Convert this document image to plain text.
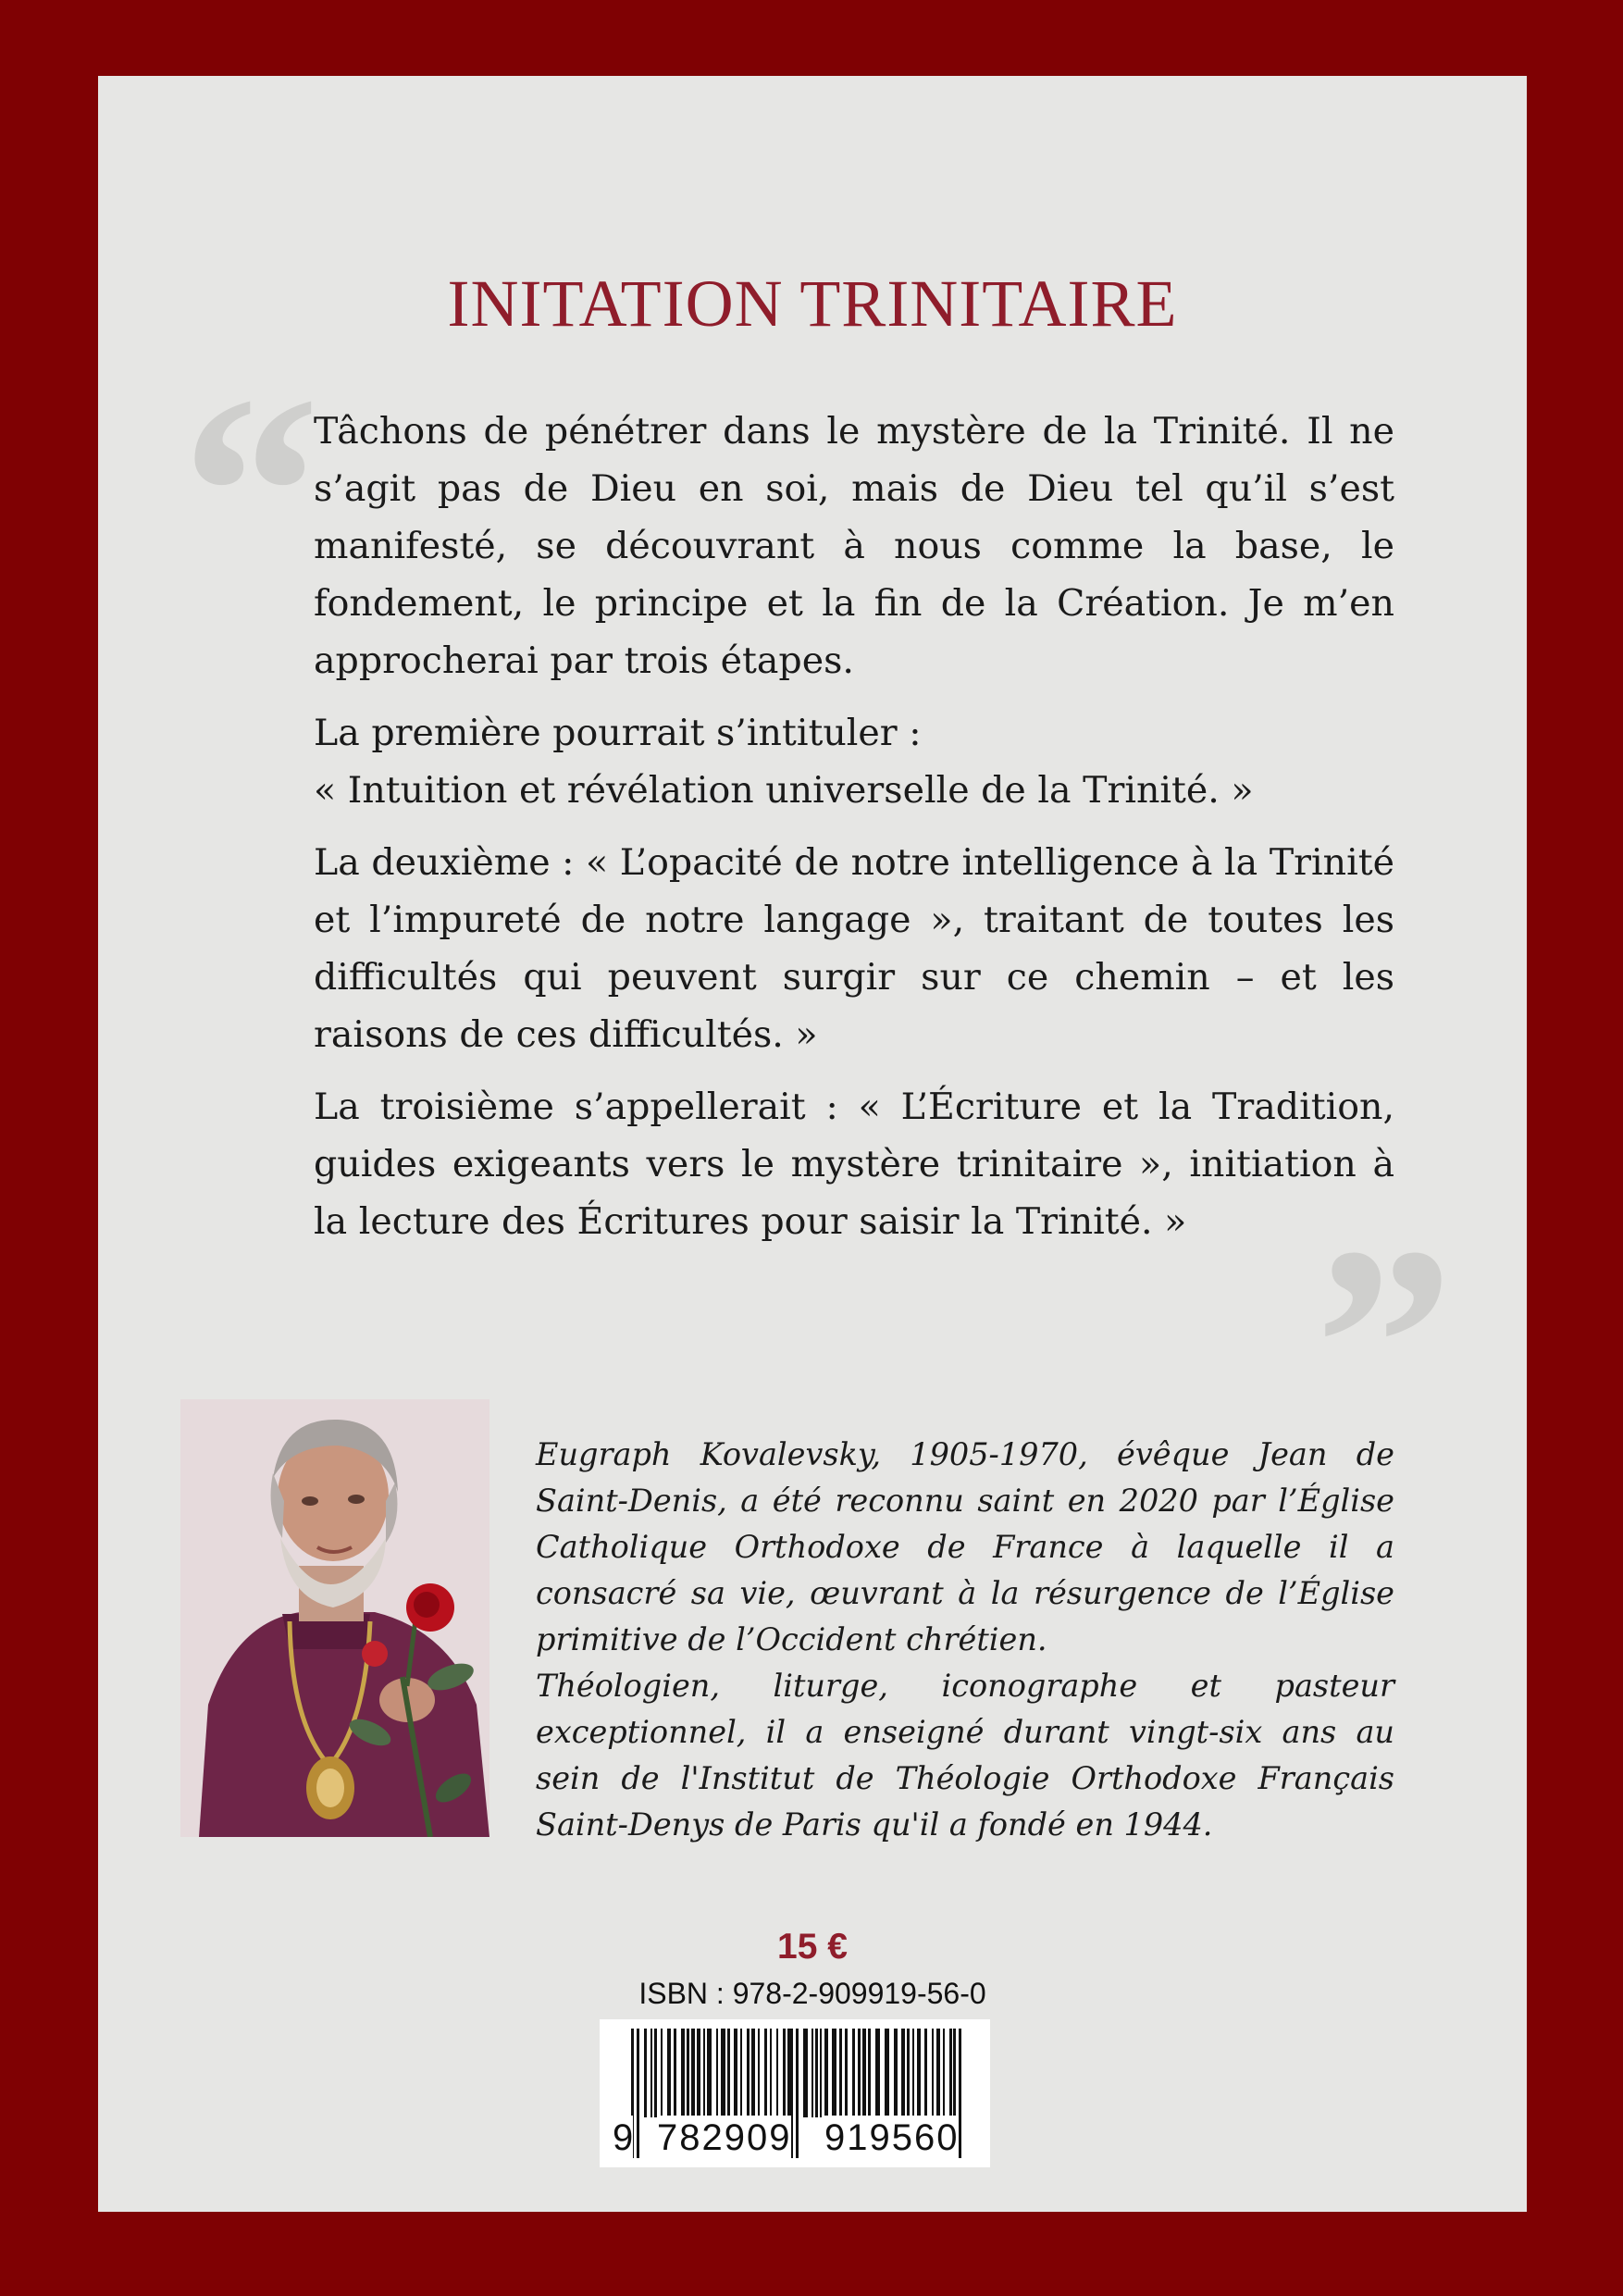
INITATION TRINITAIRE
“

Tâchons de pénétrer dans le mystère de la Trinité. Il ne s’agit pas de Dieu en soi, mais de Dieu tel qu’il s’est manifesté, se découvrant à nous comme la base, le fondement, le principe et la fin de la Création. Je m’en approcherai par trois étapes.

La première pourrait s’intituler :

« Intuition et révélation universelle de la Trinité. »

La deuxième : « L’opacité de notre intelligence à la Trinité et l’impureté de notre langage », traitant de toutes les difficultés qui peuvent surgir sur ce chemin – et les raisons de ces difficultés. »

La troisième s’appellerait : « L’Écriture et la Tradition, guides exigeants vers le mystère trinitaire », initiation à la lecture des Écritures pour saisir la Trinité. » ”

Eugraph Kovalevsky, 1905-1970, évêque Jean de Saint-Denis, a été reconnu saint en 2020 par l’Église Catholique Orthodoxe de France à laquelle il a consacré sa vie, œuvrant à la résurgence de l’Église primitive de l’Occident chrétien.

Théologien, liturge, iconographe et pasteur exceptionnel, il a enseigné durant vingt-six ans au sein de l'Institut de Théologie Orthodoxe Français Saint-Denys de Paris qu'il a fondé en 1944.

15 €
ISBN : 978-2-909919-56-0
9 782909 919560
